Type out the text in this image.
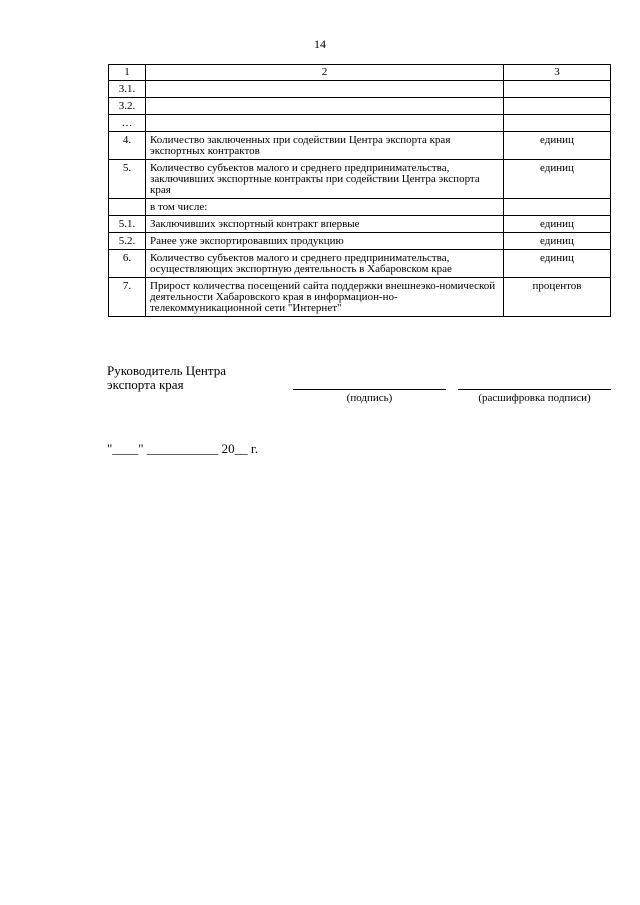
14
1	2	3
3.1.		
3.2.		
…		
4.	Количество заключенных при содействии Центра экспорта края экспортных контрактов	единиц
5.	Количество субъектов малого и среднего предпринимательства, заключивших экспортные контракты при содействии Центра экспорта края	единиц
	в том числе:	
5.1.	Заключивших экспортный контракт впервые	единиц
5.2.	Ранее уже экспортировавших продукцию	единиц
6.	Количество субъектов малого и среднего предпринимательства, осуществляющих экспортную деятельность в Хабаровском крае	единиц
7.	Прирост количества посещений сайта поддержки внешнеэко-номической деятельности Хабаровского края в информацион-но-телекоммуникационной сети "Интернет"	процентов
Руководитель Центра
экспорта края
(подпись)	(расшифровка подписи)
"____" ___________ 20__ г.
